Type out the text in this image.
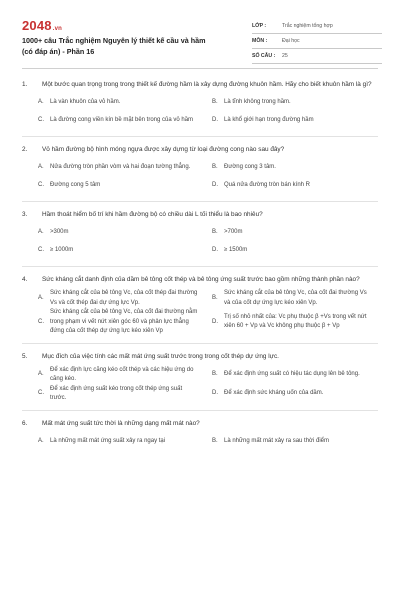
2048.vn
1000+ câu Trắc nghiệm Nguyên lý thiết kế cầu và hầm (có đáp án) - Phần 16
LỚP :	Trắc nghiệm tổng hợp
MÔN :	Đại học
SỐ CÂU :	25
1.	Một bước quan trọng trong trong thiết kế đường hầm là xây dựng đường khuôn hầm. Hãy cho biết khuôn hầm là gì?
A.	Là vàn khuôn của vỏ hầm.	B.	Là tĩnh không trong hầm.
C.	Là đường cong viền kín bề mặt bên trong của vỏ hầm	D.	Là khổ giới hạn trong đường hầm
2.	Vỏ hầm đường bộ hình móng ngựa được xây dựng từ loại đường cong nào sau đây?
A.	Nửa đường tròn phần vòm và hai đoạn tường thẳng.	B.	Đường cong 3 tâm.
C.	Đường cong 5 tâm	D.	Quá nửa đường tròn bán kính R
3.	Hầm thoát hiểm bố trí khi hầm đường bộ có chiều dài L tối thiểu là bao nhiêu?
A.	>300m	B.	>700m
C.	≥ 1000m	D.	≥ 1500m
4.	Sức kháng cắt danh định của dầm bê tông cốt thép và bê tông ứng suất trước bao gồm những thành phần nào?
A.
Sức kháng cắt của bê tông Vc, của cốt thép đai thường Vs và cốt thép đai dự ứng lực Vp.
B.
Sức kháng cắt của bê tông Vc, của cốt đai thường Vs và của cốt dự ứng lực kéo xiên Vp.
C.
Sức kháng cắt của bê tông Vc, của cốt đai thường nằm trong phạm vi vết nứt xiên góc 60 và phản lực thẳng đứng của cốt thép dự ứng lực kéo xiên Vp
D.
Trị số nhỏ nhất của: Vc phụ thuộc β +Vs trong vết nứt xiên 60 + Vp và Vc không phụ thuộc β + Vp
5.	Mục đích của việc tính các mất mát ứng suất trước trong trong cốt thép dự ứng lực.
A.
Để xác định lực căng kéo cốt thép và các hiệu ứng do căng kéo.
B.	Để xác định ứng suất có hiệu tác dụng lên bê tông.
C.
Để xác định ứng suất kéo trong cốt thép ứng suất trước.
D.	Để xác định sức kháng uốn của dầm.
6.	Mất mát ứng suất tức thời là những dạng mất mát nào?
A.	Là những mất mát ứng suất xảy ra ngay tại	B.	Là những mất mát xảy ra sau thời điểm
